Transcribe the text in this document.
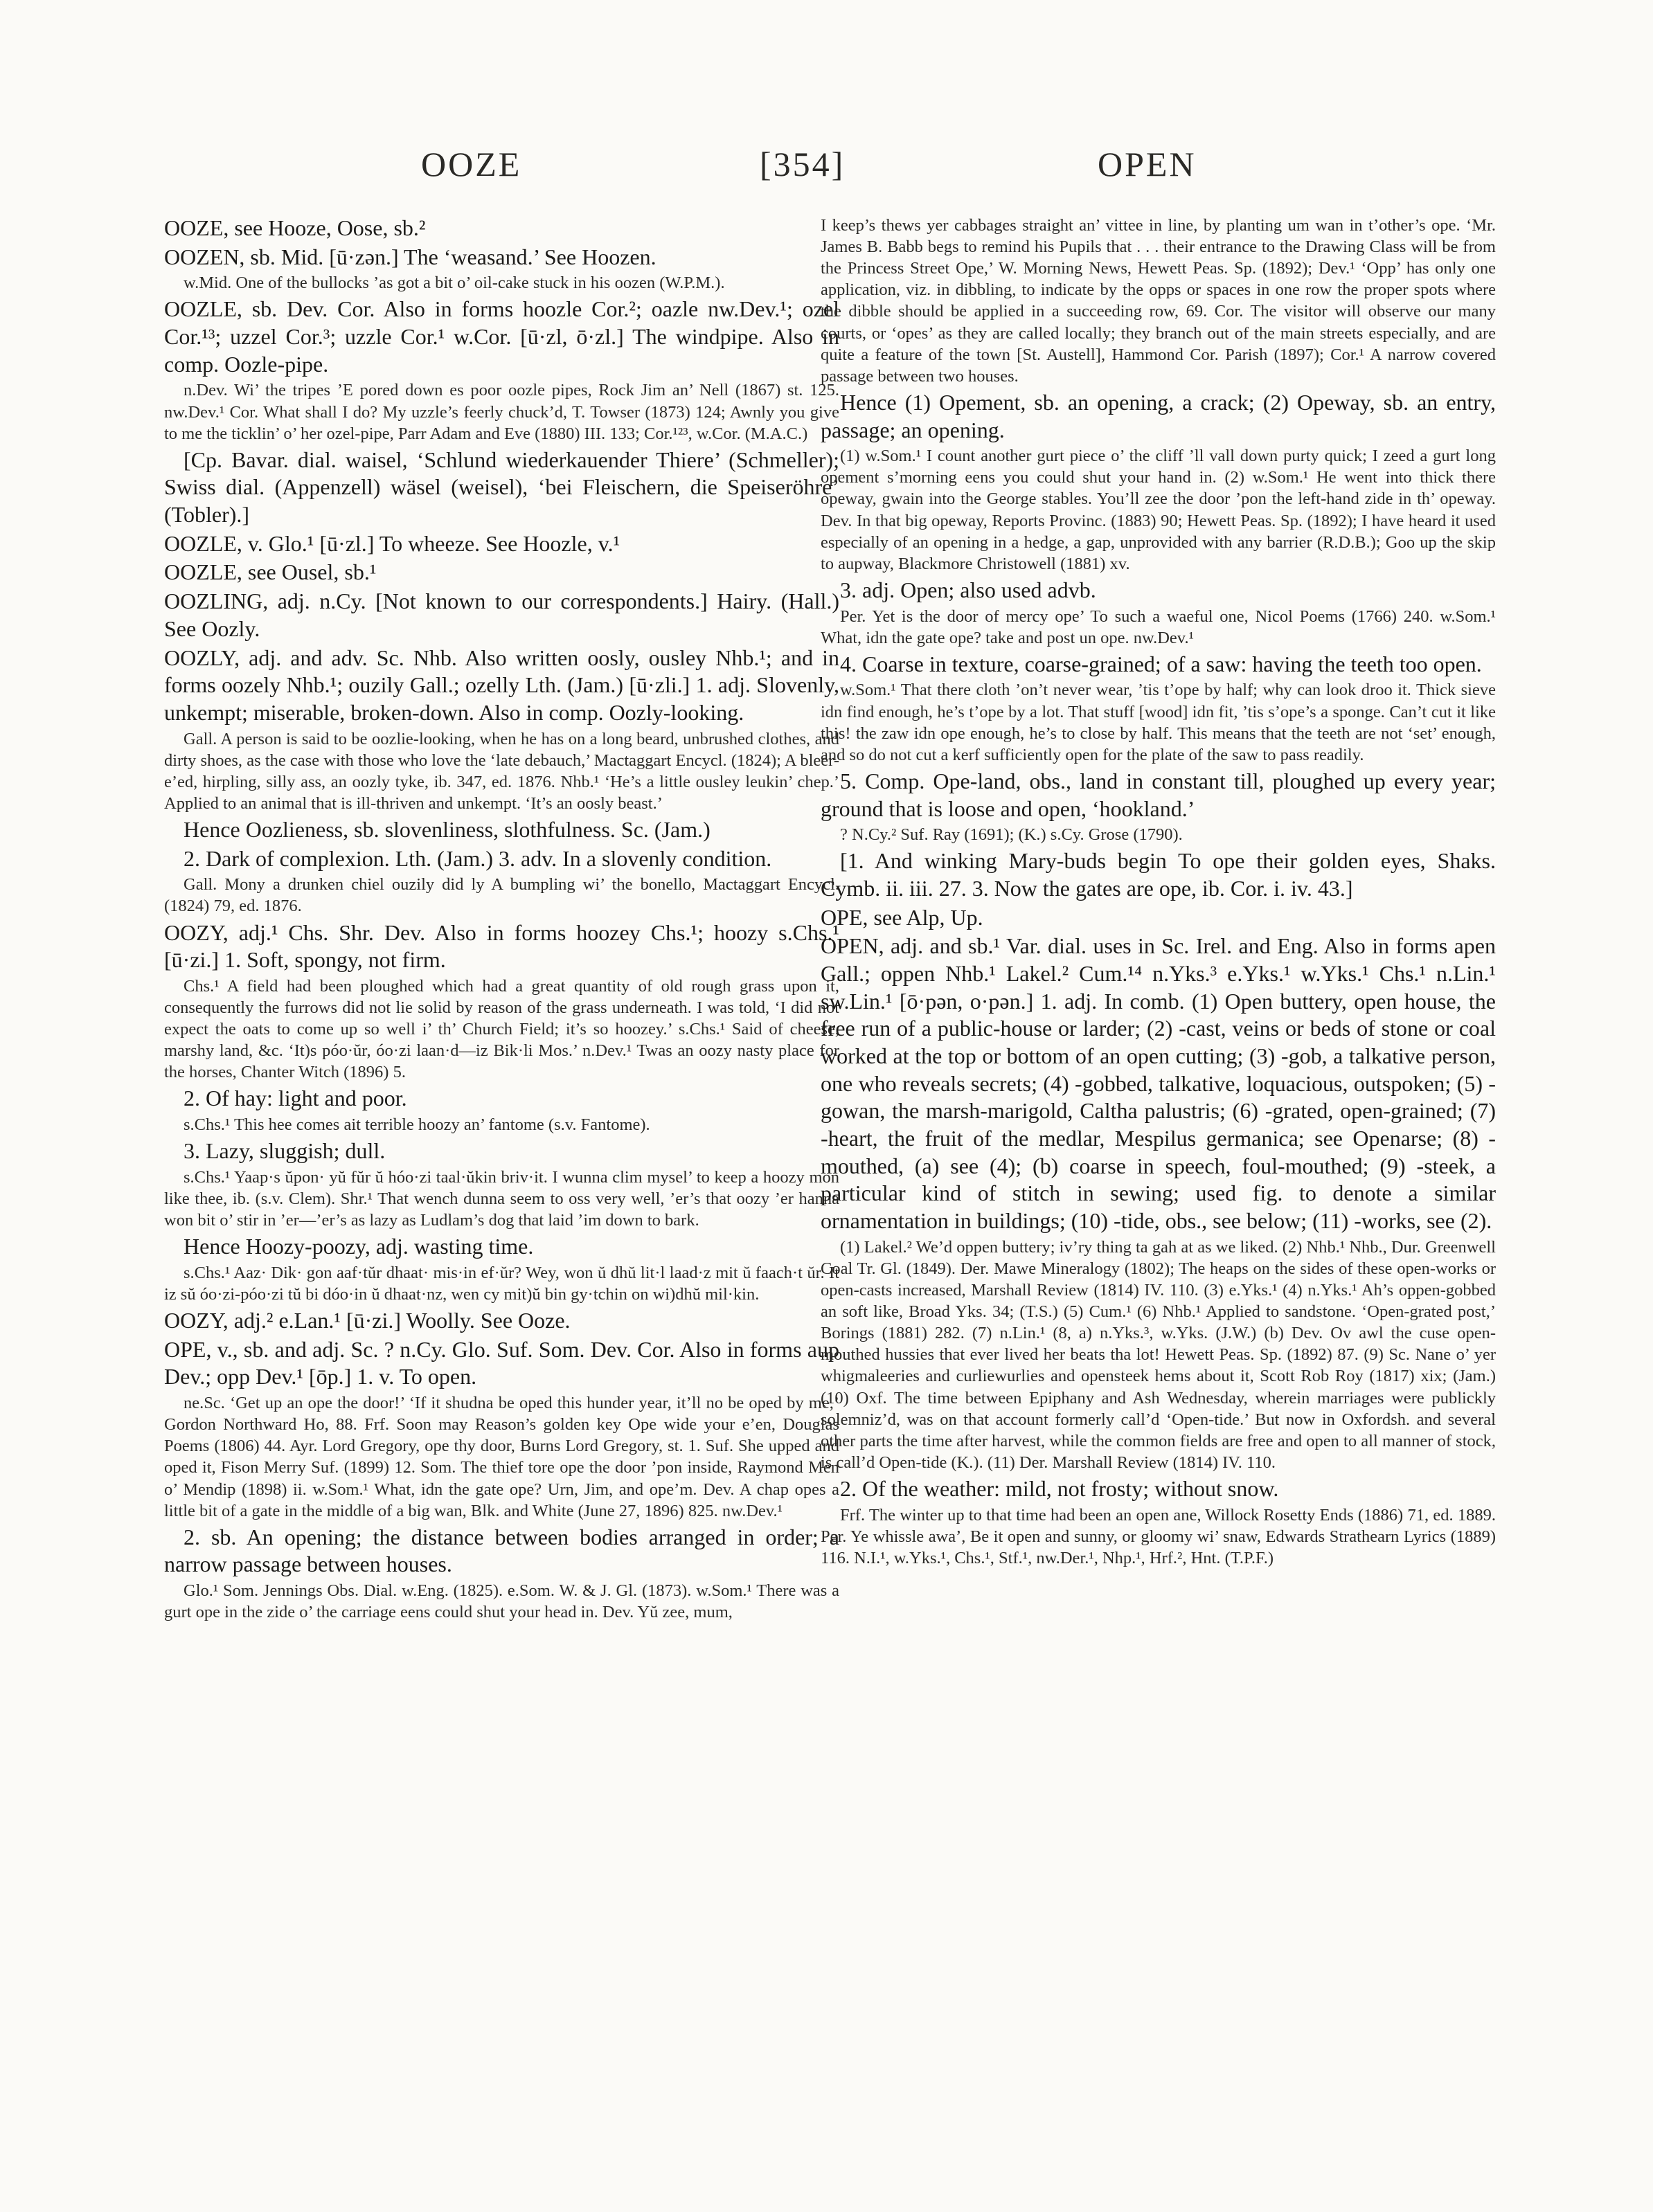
OOZE	[354]	OPEN

OOZE, see Hooze, Oose, sb.²

OOZEN, sb. Mid. [ū·zən.] The ‘weasand.’ See Hoozen.

w.Mid. One of the bullocks ’as got a bit o’ oil-cake stuck in his oozen (W.P.M.).

OOZLE, sb. Dev. Cor. Also in forms hoozle Cor.²; oazle nw.Dev.¹; ozel Cor.¹³; uzzel Cor.³; uzzle Cor.¹ w.Cor. [ū·zl, ō·zl.] The windpipe. Also in comp. Oozle-pipe.

n.Dev. Wi’ the tripes ’E pored down es poor oozle pipes, Rock Jim an’ Nell (1867) st. 125. nw.Dev.¹ Cor. What shall I do? My uzzle’s feerly chuck’d, T. Towser (1873) 124; Awnly you give to me the ticklin’ o’ her ozel-pipe, Parr Adam and Eve (1880) III. 133; Cor.¹²³, w.Cor. (M.A.C.)

[Cp. Bavar. dial. waisel, ‘Schlund wiederkauender Thiere’ (Schmeller); Swiss dial. (Appenzell) wäsel (weisel), ‘bei Fleischern, die Speiseröhre’ (Tobler).]

OOZLE, v. Glo.¹ [ū·zl.] To wheeze. See Hoozle, v.¹

OOZLE, see Ousel, sb.¹

OOZLING, adj. n.Cy. [Not known to our correspondents.] Hairy. (Hall.) See Oozly.

OOZLY, adj. and adv. Sc. Nhb. Also written oosly, ousley Nhb.¹; and in forms oozely Nhb.¹; ouzily Gall.; ozelly Lth. (Jam.) [ū·zli.] 1. adj. Slovenly, unkempt; miserable, broken-down. Also in comp. Oozly-looking.

Gall. A person is said to be oozlie-looking, when he has on a long beard, unbrushed clothes, and dirty shoes, as the case with those who love the ‘late debauch,’ Mactaggart Encycl. (1824); A bleer-e’ed, hirpling, silly ass, an oozly tyke, ib. 347, ed. 1876. Nhb.¹ ‘He’s a little ousley leukin’ chep.’ Applied to an animal that is ill-thriven and unkempt. ‘It’s an oosly beast.’

Hence Oozlieness, sb. slovenliness, slothfulness. Sc. (Jam.)

2. Dark of complexion. Lth. (Jam.) 3. adv. In a slovenly condition.

Gall. Mony a drunken chiel ouzily did ly A bumpling wi’ the bonello, Mactaggart Encycl. (1824) 79, ed. 1876.

OOZY, adj.¹ Chs. Shr. Dev. Also in forms hoozey Chs.¹; hoozy s.Chs.¹ [ū·zi.] 1. Soft, spongy, not firm.

Chs.¹ A field had been ploughed which had a great quantity of old rough grass upon it, consequently the furrows did not lie solid by reason of the grass underneath. I was told, ‘I did not expect the oats to come up so well i’ th’ Church Field; it’s so hoozey.’ s.Chs.¹ Said of cheese, marshy land, &c. ‘It)s póo·ŭr, óo·zi laan·d—iz Bik·li Mos.’ n.Dev.¹ Twas an oozy nasty place for the horses, Chanter Witch (1896) 5.

2. Of hay: light and poor.

s.Chs.¹ This hee comes ait terrible hoozy an’ fantome (s.v. Fantome).

3. Lazy, sluggish; dull.

s.Chs.¹ Yaap·s ŭpon· yŭ fŭr ŭ hóo·zi taal·ŭkin briv·it. I wunna clim mysel’ to keep a hoozy mon like thee, ib. (s.v. Clem). Shr.¹ That wench dunna seem to oss very well, ’er’s that oozy ’er hanna won bit o’ stir in ’er—’er’s as lazy as Ludlam’s dog that laid ’im down to bark.

Hence Hoozy-poozy, adj. wasting time.

s.Chs.¹ Aaz· Dik· gon aaf·tŭr dhaat· mis·in ef·ŭr? Wey, won ŭ dhŭ lit·l laad·z mit ŭ faach·t ŭr. It iz sŭ óo·zi-póo·zi tŭ bi dóo·in ŭ dhaat·nz, wen cy mit)ŭ bin gy·tchin on wi)dhŭ mil·kin.

OOZY, adj.² e.Lan.¹ [ū·zi.] Woolly. See Ooze.

OPE, v., sb. and adj. Sc. ? n.Cy. Glo. Suf. Som. Dev. Cor. Also in forms aup Dev.; opp Dev.¹ [ōp.] 1. v. To open.

ne.Sc. ‘Get up an ope the door!’ ‘If it shudna be oped this hunder year, it’ll no be oped by me,’ Gordon Northward Ho, 88. Frf. Soon may Reason’s golden key Ope wide your e’en, Douglas Poems (1806) 44. Ayr. Lord Gregory, ope thy door, Burns Lord Gregory, st. 1. Suf. She upped and oped it, Fison Merry Suf. (1899) 12. Som. The thief tore ope the door ’pon inside, Raymond Men o’ Mendip (1898) ii. w.Som.¹ What, idn the gate ope? Urn, Jim, and ope’m. Dev. A chap opes a little bit of a gate in the middle of a big wan, Blk. and White (June 27, 1896) 825. nw.Dev.¹

2. sb. An opening; the distance between bodies arranged in order; a narrow passage between houses.

Glo.¹ Som. Jennings Obs. Dial. w.Eng. (1825). e.Som. W. & J. Gl. (1873). w.Som.¹ There was a gurt ope in the zide o’ the carriage eens could shut your head in. Dev. Yŭ zee, mum,

I keep’s thews yer cabbages straight an’ vittee in line, by planting um wan in t’other’s ope. ‘Mr. James B. Babb begs to remind his Pupils that . . . their entrance to the Drawing Class will be from the Princess Street Ope,’ W. Morning News, Hewett Peas. Sp. (1892); Dev.¹ ‘Opp’ has only one application, viz. in dibbling, to indicate by the opps or spaces in one row the proper spots where the dibble should be applied in a succeeding row, 69. Cor. The visitor will observe our many courts, or ‘opes’ as they are called locally; they branch out of the main streets especially, and are quite a feature of the town [St. Austell], Hammond Cor. Parish (1897); Cor.¹ A narrow covered passage between two houses.

Hence (1) Opement, sb. an opening, a crack; (2) Opeway, sb. an entry, passage; an opening.

(1) w.Som.¹ I count another gurt piece o’ the cliff ’ll vall down purty quick; I zeed a gurt long opement s’morning eens you could shut your hand in. (2) w.Som.¹ He went into thick there opeway, gwain into the George stables. You’ll zee the door ’pon the left-hand zide in th’ opeway. Dev. In that big opeway, Reports Provinc. (1883) 90; Hewett Peas. Sp. (1892); I have heard it used especially of an opening in a hedge, a gap, unprovided with any barrier (R.D.B.); Goo up the skip to aupway, Blackmore Christowell (1881) xv.

3. adj. Open; also used advb.

Per. Yet is the door of mercy ope’ To such a waeful one, Nicol Poems (1766) 240. w.Som.¹ What, idn the gate ope? take and post un ope. nw.Dev.¹

4. Coarse in texture, coarse-grained; of a saw: having the teeth too open.

w.Som.¹ That there cloth ’on’t never wear, ’tis t’ope by half; why can look droo it. Thick sieve idn find enough, he’s t’ope by a lot. That stuff [wood] idn fit, ’tis s’ope’s a sponge. Can’t cut it like this! the zaw idn ope enough, he’s to close by half. This means that the teeth are not ‘set’ enough, and so do not cut a kerf sufficiently open for the plate of the saw to pass readily.

5. Comp. Ope-land, obs., land in constant till, ploughed up every year; ground that is loose and open, ‘hookland.’

? N.Cy.² Suf. Ray (1691); (K.) s.Cy. Grose (1790).

[1. And winking Mary-buds begin To ope their golden eyes, Shaks. Cymb. ii. iii. 27. 3. Now the gates are ope, ib. Cor. i. iv. 43.]

OPE, see Alp, Up.

OPEN, adj. and sb.¹ Var. dial. uses in Sc. Irel. and Eng. Also in forms apen Gall.; oppen Nhb.¹ Lakel.² Cum.¹⁴ n.Yks.³ e.Yks.¹ w.Yks.¹ Chs.¹ n.Lin.¹ sw.Lin.¹ [ō·pən, o·pən.] 1. adj. In comb. (1) Open buttery, open house, the free run of a public-house or larder; (2) -cast, veins or beds of stone or coal worked at the top or bottom of an open cutting; (3) -gob, a talkative person, one who reveals secrets; (4) -gobbed, talkative, loquacious, outspoken; (5) -gowan, the marsh-marigold, Caltha palustris; (6) -grated, open-grained; (7) -heart, the fruit of the medlar, Mespilus germanica; see Openarse; (8) -mouthed, (a) see (4); (b) coarse in speech, foul-mouthed; (9) -steek, a particular kind of stitch in sewing; used fig. to denote a similar ornamentation in buildings; (10) -tide, obs., see below; (11) -works, see (2).

(1) Lakel.² We’d oppen buttery; iv’ry thing ta gah at as we liked. (2) Nhb.¹ Nhb., Dur. Greenwell Coal Tr. Gl. (1849). Der. Mawe Mineralogy (1802); The heaps on the sides of these open-works or open-casts increased, Marshall Review (1814) IV. 110. (3) e.Yks.¹ (4) n.Yks.¹ Ah’s oppen-gobbed an soft like, Broad Yks. 34; (T.S.) (5) Cum.¹ (6) Nhb.¹ Applied to sandstone. ‘Open-grated post,’ Borings (1881) 282. (7) n.Lin.¹ (8, a) n.Yks.³, w.Yks. (J.W.) (b) Dev. Ov awl the cuse open-mouthed hussies that ever lived her beats tha lot! Hewett Peas. Sp. (1892) 87. (9) Sc. Nane o’ yer whigmaleeries and curliewurlies and opensteek hems about it, Scott Rob Roy (1817) xix; (Jam.) (10) Oxf. The time between Epiphany and Ash Wednesday, wherein marriages were publickly solemniz’d, was on that account formerly call’d ‘Open-tide.’ But now in Oxfordsh. and several other parts the time after harvest, while the common fields are free and open to all manner of stock, is call’d Open-tide (K.). (11) Der. Marshall Review (1814) IV. 110.

2. Of the weather: mild, not frosty; without snow.

Frf. The winter up to that time had been an open ane, Willock Rosetty Ends (1886) 71, ed. 1889. Per. Ye whissle awa’, Be it open and sunny, or gloomy wi’ snaw, Edwards Strathearn Lyrics (1889) 116. N.I.¹, w.Yks.¹, Chs.¹, Stf.¹, nw.Der.¹, Nhp.¹, Hrf.², Hnt. (T.P.F.)
